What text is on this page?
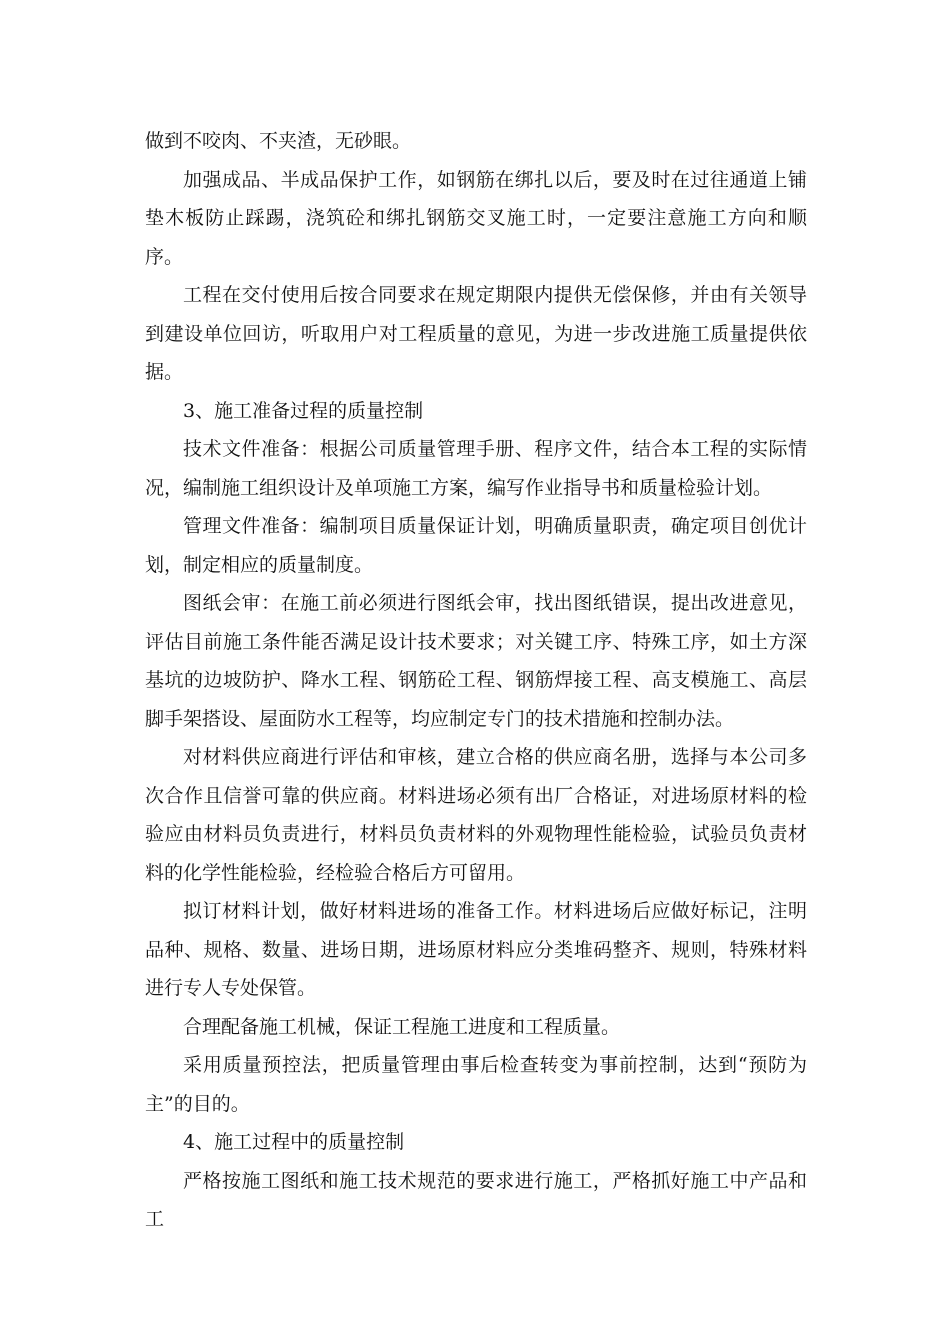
做到不咬肉、不夹渣，无砂眼。

加强成品、半成品保护工作，如钢筋在绑扎以后，要及时在过往通道上铺垫木板防止踩踢，浇筑砼和绑扎钢筋交叉施工时，一定要注意施工方向和顺序。

工程在交付使用后按合同要求在规定期限内提供无偿保修，并由有关领导到建设单位回访，听取用户对工程质量的意见，为进一步改进施工质量提供依据。

3、施工准备过程的质量控制

技术文件准备：根据公司质量管理手册、程序文件，结合本工程的实际情况，编制施工组织设计及单项施工方案，编写作业指导书和质量检验计划。

管理文件准备：编制项目质量保证计划，明确质量职责，确定项目创优计划，制定相应的质量制度。

图纸会审：在施工前必须进行图纸会审，找出图纸错误，提出改进意见，评估目前施工条件能否满足设计技术要求；对关键工序、特殊工序，如土方深基坑的边坡防护、降水工程、钢筋砼工程、钢筋焊接工程、高支模施工、高层脚手架搭设、屋面防水工程等，均应制定专门的技术措施和控制办法。

对材料供应商进行评估和审核，建立合格的供应商名册，选择与本公司多次合作且信誉可靠的供应商。材料进场必须有出厂合格证，对进场原材料的检验应由材料员负责进行，材料员负责材料的外观物理性能检验，试验员负责材料的化学性能检验，经检验合格后方可留用。

拟订材料计划，做好材料进场的准备工作。材料进场后应做好标记，注明品种、规格、数量、进场日期，进场原材料应分类堆码整齐、规则，特殊材料进行专人专处保管。

合理配备施工机械，保证工程施工进度和工程质量。

采用质量预控法，把质量管理由事后检查转变为事前控制，达到“预防为主”的目的。

4、施工过程中的质量控制

严格按施工图纸和施工技术规范的要求进行施工，严格抓好施工中产品和工
